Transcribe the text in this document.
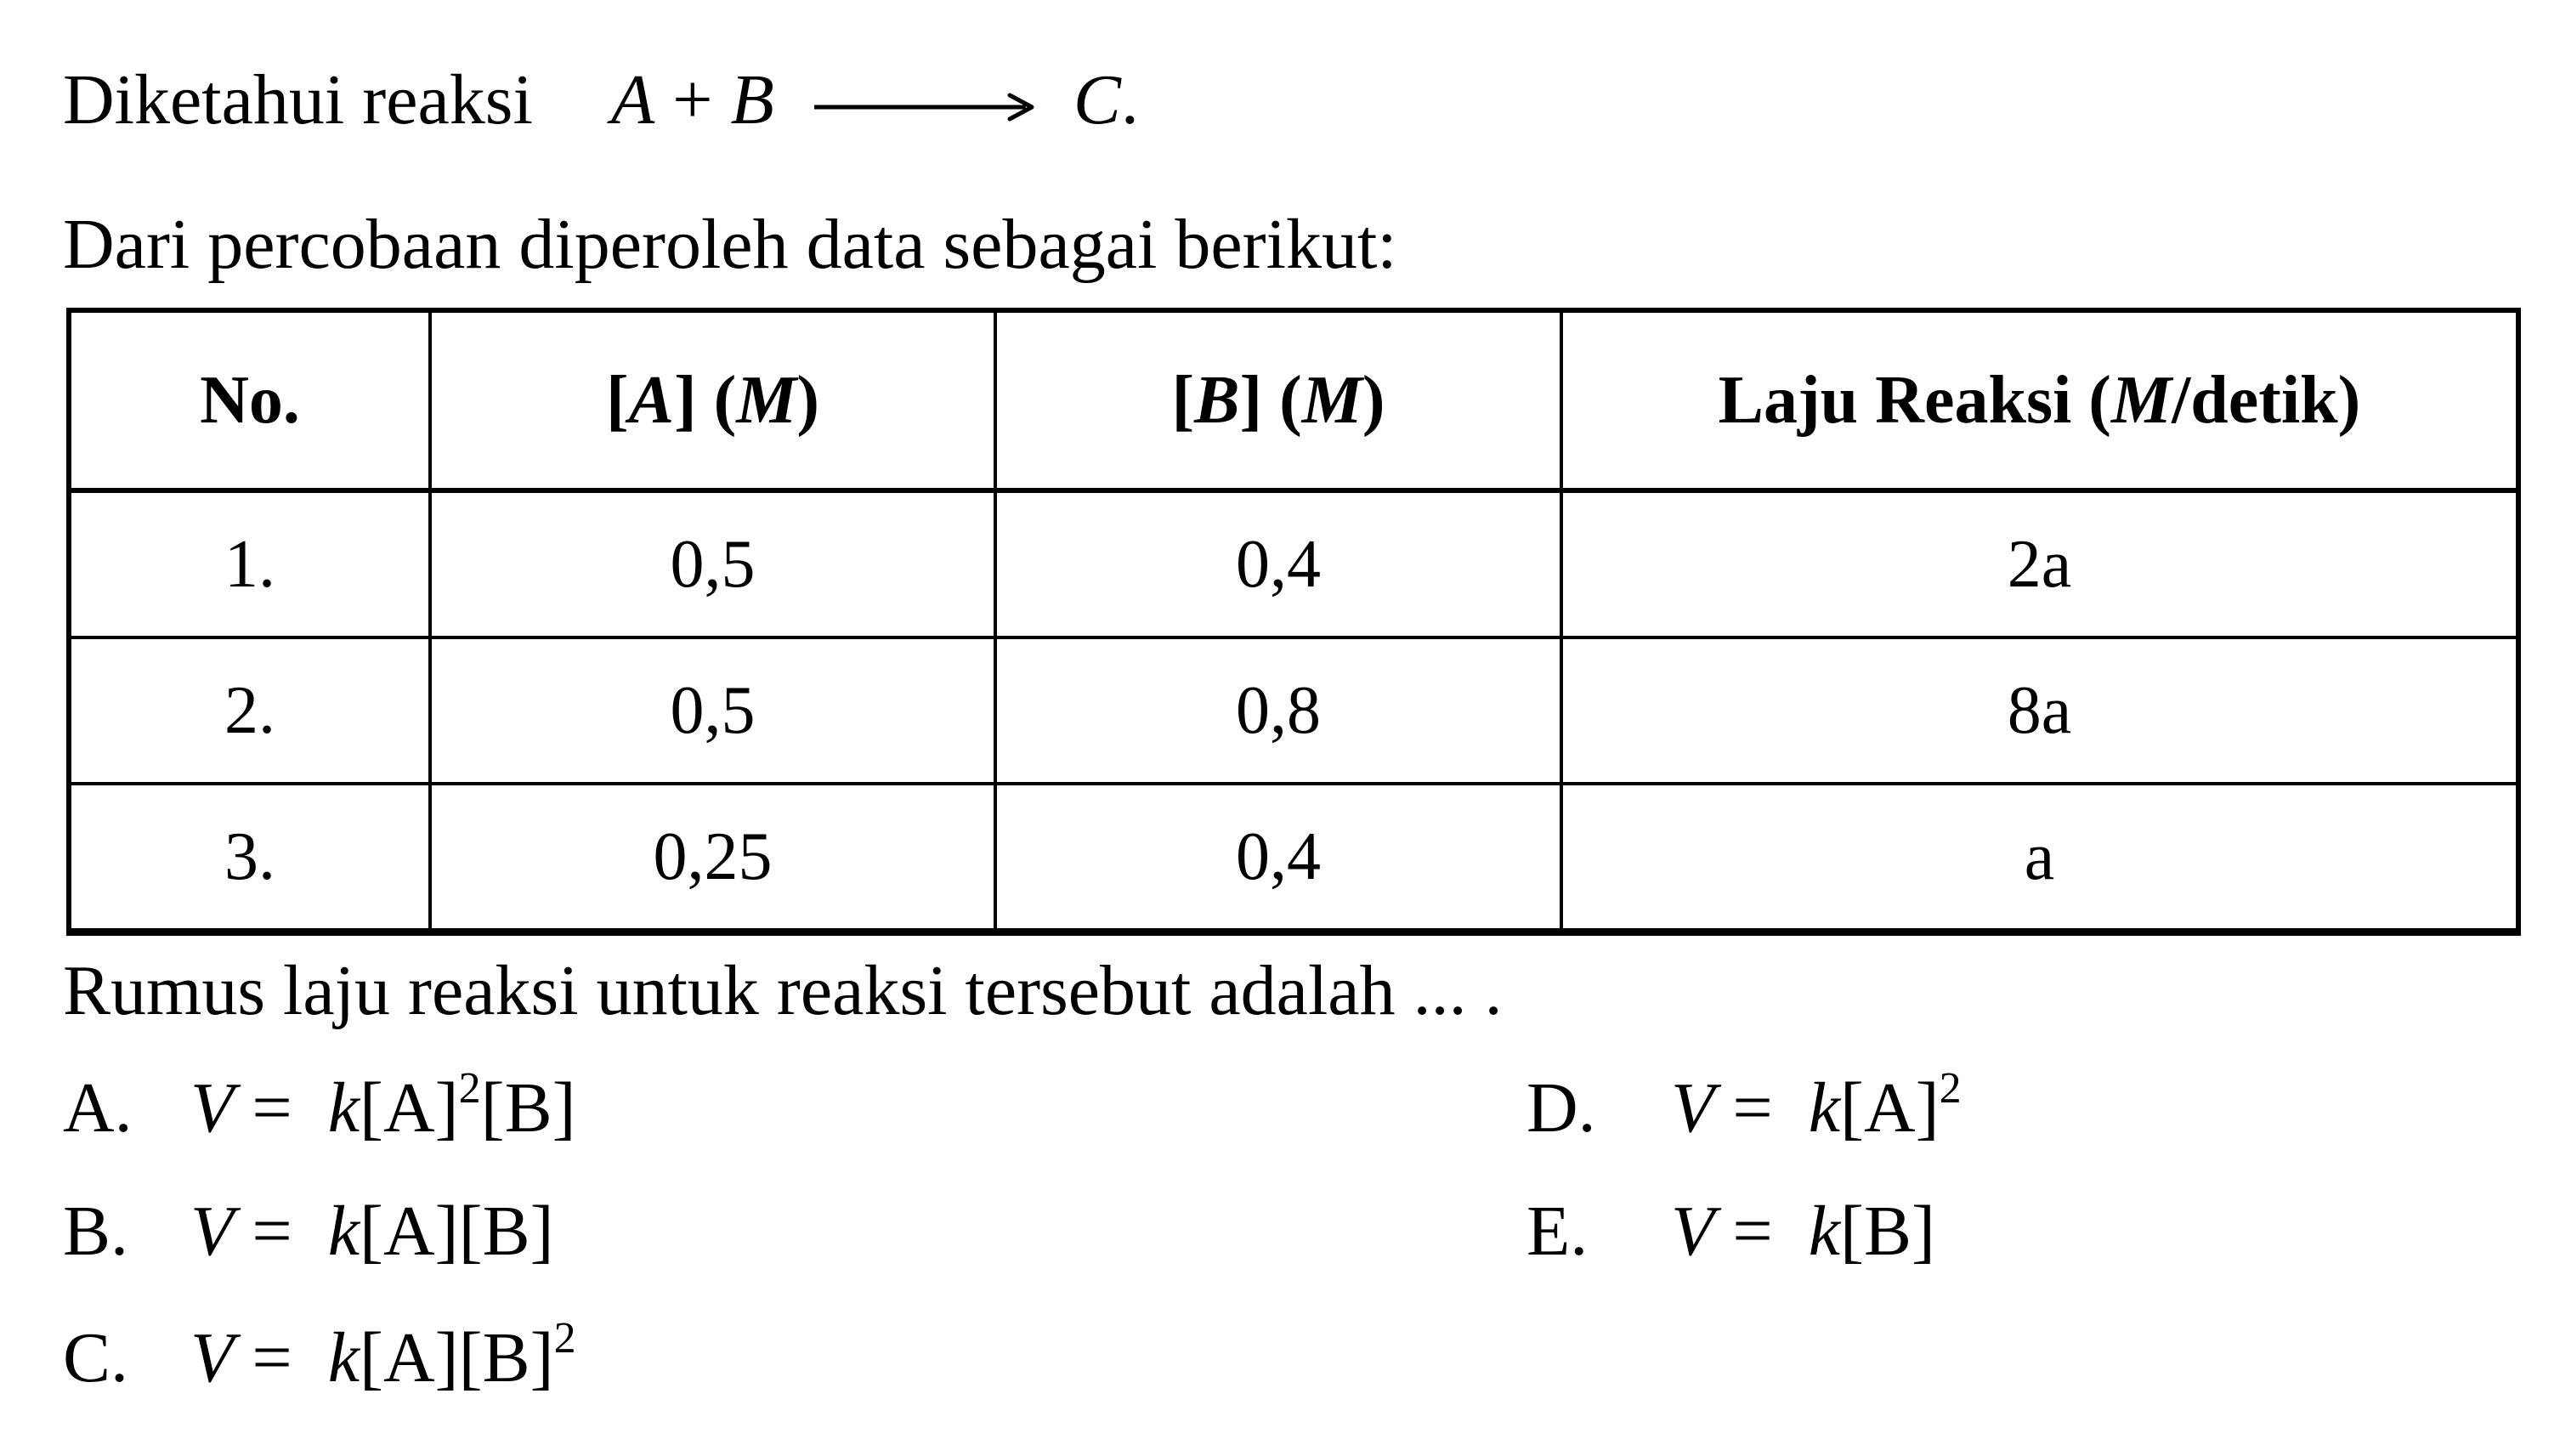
Diketahui reaksi A + B → C.
Dari percobaan diperoleh data sebagai berikut:
No.	[A] (M)	[B] (M)	Laju Reaksi (M/detik)
1.	0,5	0,4	2a
2.	0,5	0,8	8a
3.	0,25	0,4	a
Rumus laju reaksi untuk reaksi tersebut adalah ... .
A. $V = k[A]^2[B]$
B. V = k[A][B]
C. $V = k[A][B]^2$
D. $V = k[A]^2$
E. V = k[B]
